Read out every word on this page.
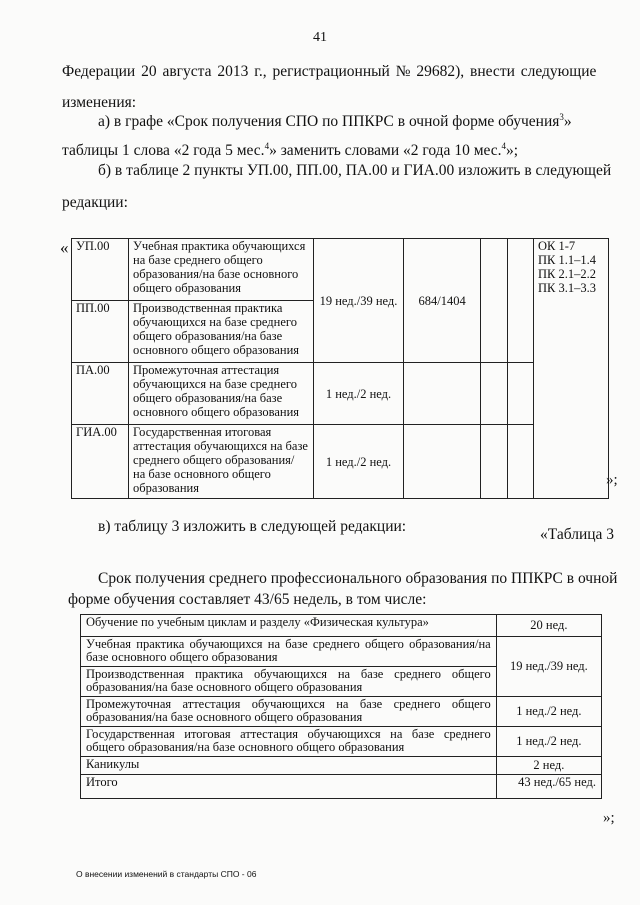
41
Федерации 20 августа 2013 г., регистрационный № 29682), внести следующие
изменения:
а) в графе «Срок получения СПО по ППКРС в очной форме обучения$^3$»
таблицы 1 слова «2 года 5 мес.$^4$» заменить словами «2 года 10 мес.$^4$»;
б) в таблице 2 пункты УП.00, ПП.00, ПА.00 и ГИА.00 изложить в следующей
редакции:
« УП.00	Учебная практика обучающихся на базе среднего общего образования/на базе основного общего образования	19 нед./39 нед.	684/1404			ОК 1-7
ПК 1.1–1.4
ПК 2.1–2.2
ПК 3.1–3.3

ПП.00	Производственная практика обучающихся на базе среднего общего образования/на базе основного общего образования					
ПА.00	Промежуточная аттестация обучающихся на базе среднего общего образования/на базе основного общего образования	1 нед./2 нед.				
ГИА.00	Государственная итоговая аттестация обучающихся на базе среднего общего образования/ на базе основного общего образования	1 нед./2 нед.				
»;
в) таблицу 3 изложить в следующей редакции:	«Таблица 3
Срок получения среднего профессионального образования по ППКРС в очной
форме обучения составляет 43/65 недель, в том числе:
Обучение по учебным циклам и разделу «Физическая культура»	20 нед.
Учебная практика обучающихся на базе среднего общего образования/на базе основного общего образования	19 нед./39 нед.
Производственная практика обучающихся на базе среднего общего образования/на базе основного общего образования	
Промежуточная аттестация обучающихся на базе среднего общего образования/на базе основного общего образования	1 нед./2 нед.
Государственная итоговая аттестация обучающихся на базе среднего общего образования/на базе основного общего образования	1 нед./2 нед.
Каникулы	2 нед.
Итого	43 нед./65 нед.
»;
О внесении изменений в стандарты СПО - 06
